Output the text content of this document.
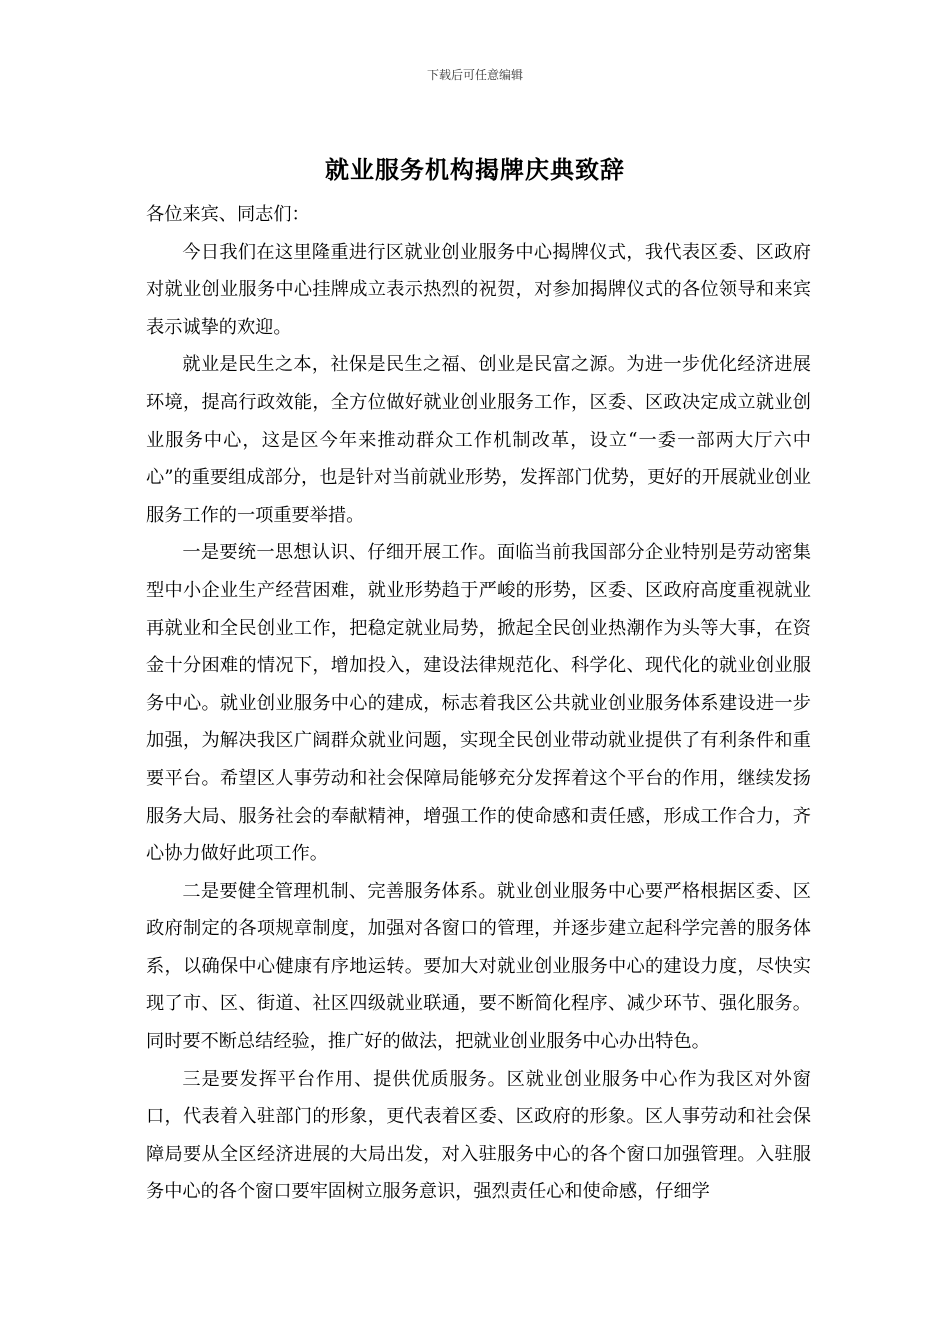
下载后可任意编辑
就业服务机构揭牌庆典致辞

各位来宾、同志们：

今日我们在这里隆重进行区就业创业服务中心揭牌仪式，我代表区委、区政府对就业创业服务中心挂牌成立表示热烈的祝贺，对参加揭牌仪式的各位领导和来宾表示诚挚的欢迎。

就业是民生之本，社保是民生之福、创业是民富之源。为进一步优化经济进展环境，提高行政效能，全方位做好就业创业服务工作，区委、区政决定成立就业创业服务中心，这是区今年来推动群众工作机制改革，设立“一委一部两大厅六中心”的重要组成部分，也是针对当前就业形势，发挥部门优势，更好的开展就业创业服务工作的一项重要举措。

一是要统一思想认识、仔细开展工作。面临当前我国部分企业特别是劳动密集型中小企业生产经营困难，就业形势趋于严峻的形势，区委、区政府高度重视就业再就业和全民创业工作，把稳定就业局势，掀起全民创业热潮作为头等大事，在资金十分困难的情况下，增加投入，建设法律规范化、科学化、现代化的就业创业服务中心。就业创业服务中心的建成，标志着我区公共就业创业服务体系建设进一步加强，为解决我区广阔群众就业问题，实现全民创业带动就业提供了有利条件和重要平台。希望区人事劳动和社会保障局能够充分发挥着这个平台的作用，继续发扬服务大局、服务社会的奉献精神，增强工作的使命感和责任感，形成工作合力，齐心协力做好此项工作。

二是要健全管理机制、完善服务体系。就业创业服务中心要严格根据区委、区政府制定的各项规章制度，加强对各窗口的管理，并逐步建立起科学完善的服务体系，以确保中心健康有序地运转。要加大对就业创业服务中心的建设力度，尽快实现了市、区、街道、社区四级就业联通，要不断简化程序、减少环节、强化服务。同时要不断总结经验，推广好的做法，把就业创业服务中心办出特色。

三是要发挥平台作用、提供优质服务。区就业创业服务中心作为我区对外窗口，代表着入驻部门的形象，更代表着区委、区政府的形象。区人事劳动和社会保障局要从全区经济进展的大局出发，对入驻服务中心的各个窗口加强管理。入驻服务中心的各个窗口要牢固树立服务意识，强烈责任心和使命感，仔细学
